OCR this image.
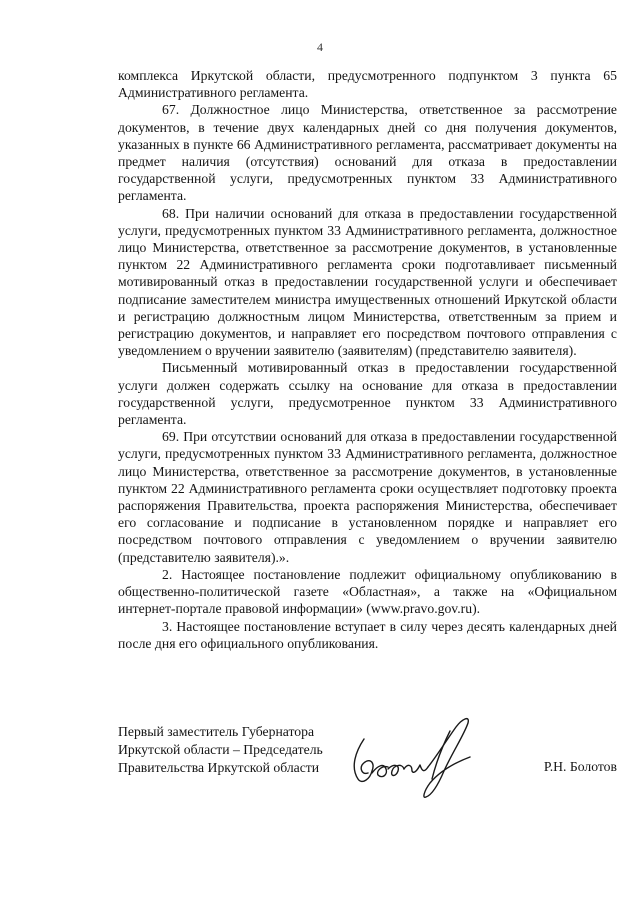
4

комплекса Иркутской области, предусмотренного подпунктом 3 пункта 65 Административного регламента.

67. Должностное лицо Министерства, ответственное за рассмотрение документов, в течение двух календарных дней со дня получения документов, указанных в пункте 66 Административного регламента, рассматривает документы на предмет наличия (отсутствия) оснований для отказа в предоставлении государственной услуги, предусмотренных пунктом 33 Административного регламента.

68. При наличии оснований для отказа в предоставлении государственной услуги, предусмотренных пунктом 33 Административного регламента, должностное лицо Министерства, ответственное за рассмотрение документов, в установленные пунктом 22 Административного регламента сроки подготавливает письменный мотивированный отказ в предоставлении государственной услуги и обеспечивает подписание заместителем министра имущественных отношений Иркутской области и регистрацию должностным лицом Министерства, ответственным за прием и регистрацию документов, и направляет его посредством почтового отправления с уведомлением о вручении заявителю (заявителям) (представителю заявителя).

Письменный мотивированный отказ в предоставлении государственной услуги должен содержать ссылку на основание для отказа в предоставлении государственной услуги, предусмотренное пунктом 33 Административного регламента.

69. При отсутствии оснований для отказа в предоставлении государственной услуги, предусмотренных пунктом 33 Административного регламента, должностное лицо Министерства, ответственное за рассмотрение документов, в установленные пунктом 22 Административного регламента сроки осуществляет подготовку проекта распоряжения Правительства, проекта распоряжения Министерства, обеспечивает его согласование и подписание в установленном порядке и направляет его посредством почтового отправления с уведомлением о вручении заявителю (представителю заявителя).».

2. Настоящее постановление подлежит официальному опубликованию в общественно-политической газете «Областная», а также на «Официальном интернет-портале правовой информации» (www.pravo.gov.ru).

3. Настоящее постановление вступает в силу через десять календарных дней после дня его официального опубликования.

Первый заместитель Губернатора
Иркутской области – Председатель
Правительства Иркутской области	Р.Н. Болотов
